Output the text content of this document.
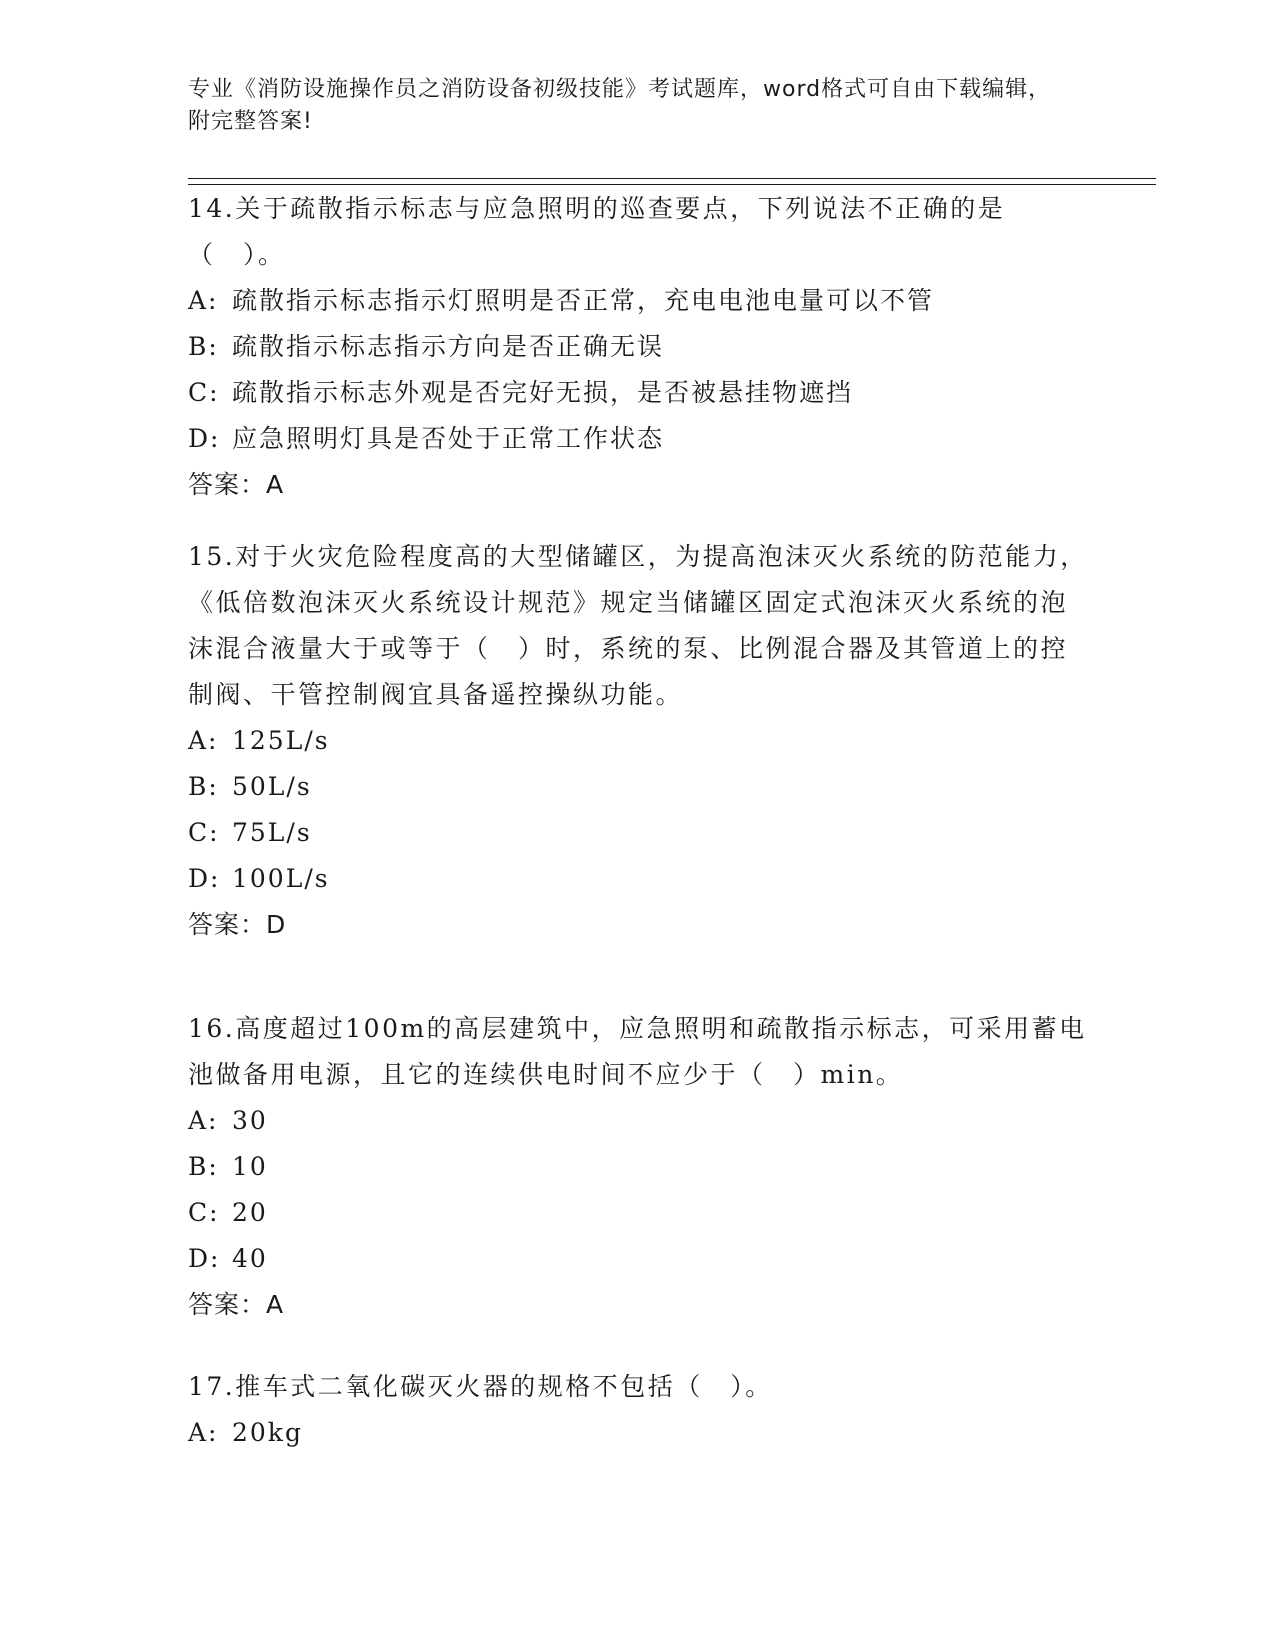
专业《消防设施操作员之消防设备初级技能》考试题库，word格式可自由下载编辑，附完整答案!

14.关于疏散指示标志与应急照明的巡查要点，下列说法不正确的是（　）。

A: 疏散指示标志指示灯照明是否正常，充电电池电量可以不管

B: 疏散指示标志指示方向是否正确无误

C: 疏散指示标志外观是否完好无损，是否被悬挂物遮挡

D: 应急照明灯具是否处于正常工作状态

答案：A

15.对于火灾危险程度高的大型储罐区，为提高泡沫灭火系统的防范能力，《低倍数泡沫灭火系统设计规范》规定当储罐区固定式泡沫灭火系统的泡沫混合液量大于或等于（　）时，系统的泵、比例混合器及其管道上的控制阀、干管控制阀宜具备遥控操纵功能。

A: 125L/s

B: 50L/s

C: 75L/s

D: 100L/s

答案：D

16.高度超过100m的高层建筑中，应急照明和疏散指示标志，可采用蓄电池做备用电源，且它的连续供电时间不应少于（　）min。

A: 30

B: 10

C: 20

D: 40

答案：A

17.推车式二氧化碳灭火器的规格不包括（　）。

A: 20kg
